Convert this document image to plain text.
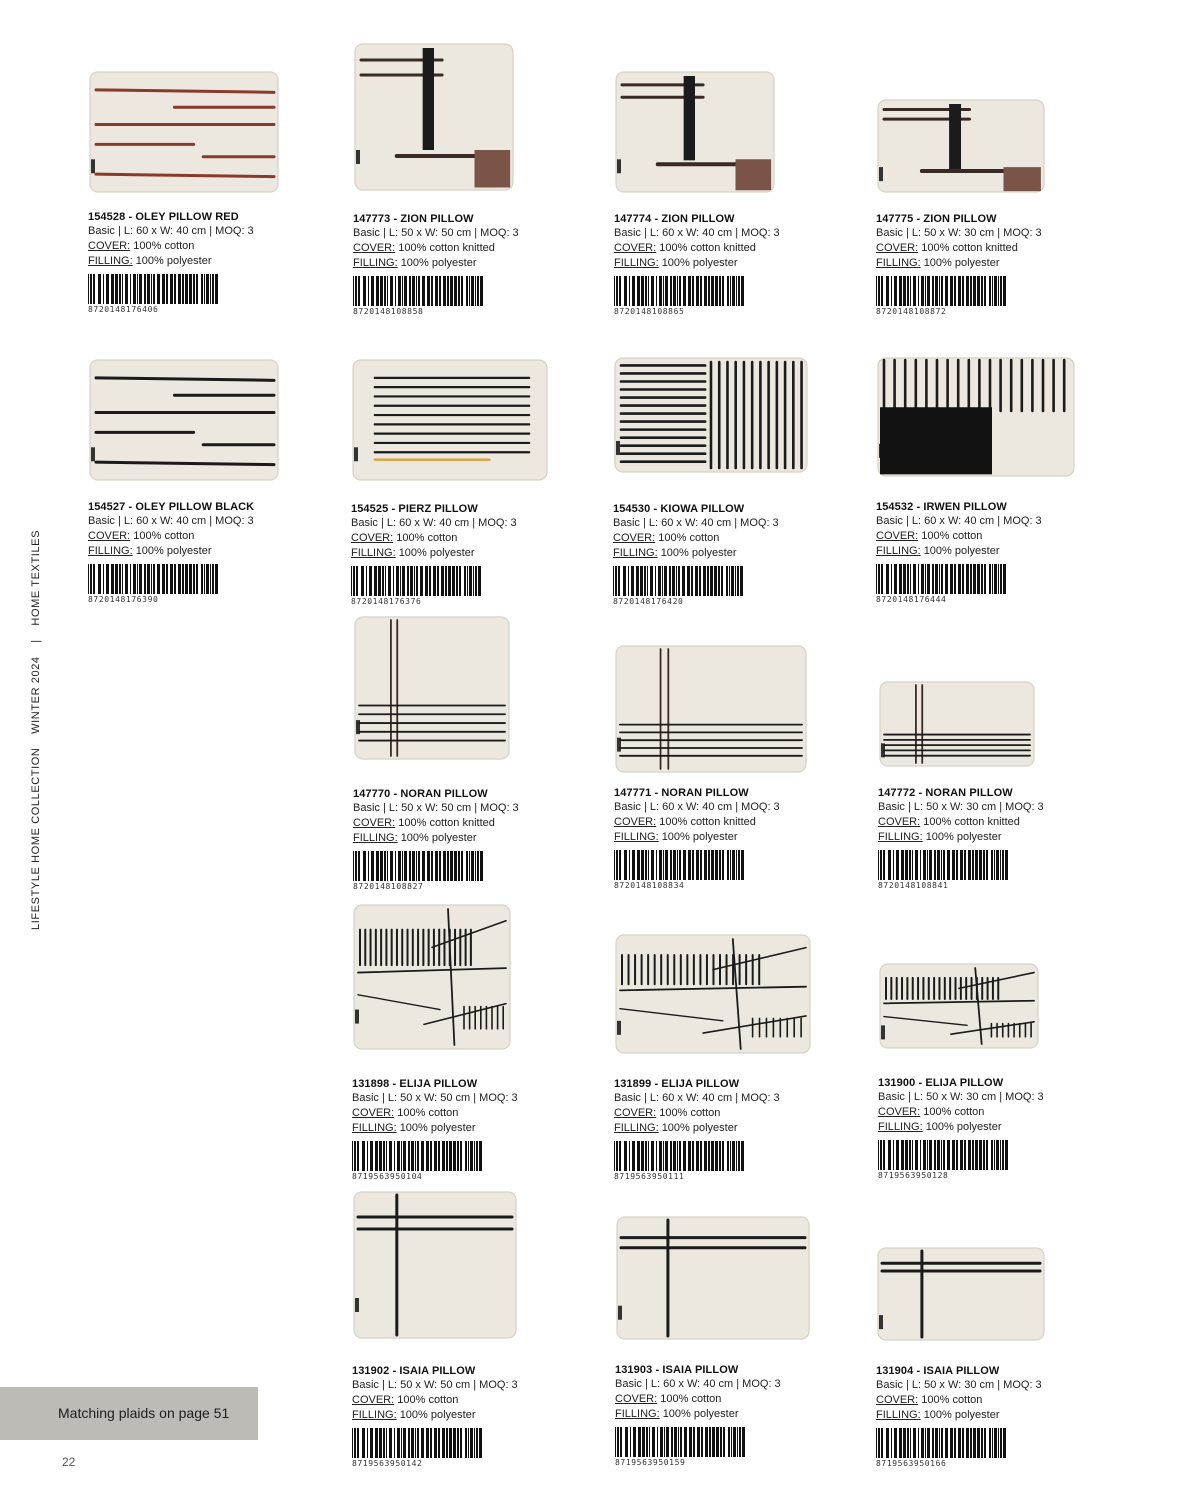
LIFESTYLE HOME COLLECTION WINTER 2024 | HOME TEXTILES
154528 - OLEY PILLOW RED
Basic | L: 60 x W: 40 cm | MOQ: 3
COVER: 100% cotton
FILLING: 100% polyester
8720148176406
147773 - ZION PILLOW
Basic | L: 50 x W: 50 cm | MOQ: 3
COVER: 100% cotton knitted
FILLING: 100% polyester
8720148108858
147774 - ZION PILLOW
Basic | L: 60 x W: 40 cm | MOQ: 3
COVER: 100% cotton knitted
FILLING: 100% polyester
8720148108865
147775 - ZION PILLOW
Basic | L: 50 x W: 30 cm | MOQ: 3
COVER: 100% cotton knitted
FILLING: 100% polyester
8720148108872
154527 - OLEY PILLOW BLACK
Basic | L: 60 x W: 40 cm | MOQ: 3
COVER: 100% cotton
FILLING: 100% polyester
8720148176390
154525 - PIERZ PILLOW
Basic | L: 60 x W: 40 cm | MOQ: 3
COVER: 100% cotton
FILLING: 100% polyester
8720148176376
154530 - KIOWA PILLOW
Basic | L: 60 x W: 40 cm | MOQ: 3
COVER: 100% cotton
FILLING: 100% polyester
8720148176420
154532 - IRWEN PILLOW
Basic | L: 60 x W: 40 cm | MOQ: 3
COVER: 100% cotton
FILLING: 100% polyester
8720148176444
147770 - NORAN PILLOW
Basic | L: 50 x W: 50 cm | MOQ: 3
COVER: 100% cotton knitted
FILLING: 100% polyester
8720148108827
147771 - NORAN PILLOW
Basic | L: 60 x W: 40 cm | MOQ: 3
COVER: 100% cotton knitted
FILLING: 100% polyester
8720148108834
147772 - NORAN PILLOW
Basic | L: 50 x W: 30 cm | MOQ: 3
COVER: 100% cotton knitted
FILLING: 100% polyester
8720148108841
131898 - ELIJA PILLOW
Basic | L: 50 x W: 50 cm | MOQ: 3
COVER: 100% cotton
FILLING: 100% polyester
8719563950104
131899 - ELIJA PILLOW
Basic | L: 60 x W: 40 cm | MOQ: 3
COVER: 100% cotton
FILLING: 100% polyester
8719563950111
131900 - ELIJA PILLOW
Basic | L: 50 x W: 30 cm | MOQ: 3
COVER: 100% cotton
FILLING: 100% polyester
8719563950128
131902 - ISAIA PILLOW
Basic | L: 50 x W: 50 cm | MOQ: 3
COVER: 100% cotton
FILLING: 100% polyester
8719563950142
131903 - ISAIA PILLOW
Basic | L: 60 x W: 40 cm | MOQ: 3
COVER: 100% cotton
FILLING: 100% polyester
8719563950159
131904 - ISAIA PILLOW
Basic | L: 50 x W: 30 cm | MOQ: 3
COVER: 100% cotton
FILLING: 100% polyester
8719563950166
Matching plaids on page 51
22
